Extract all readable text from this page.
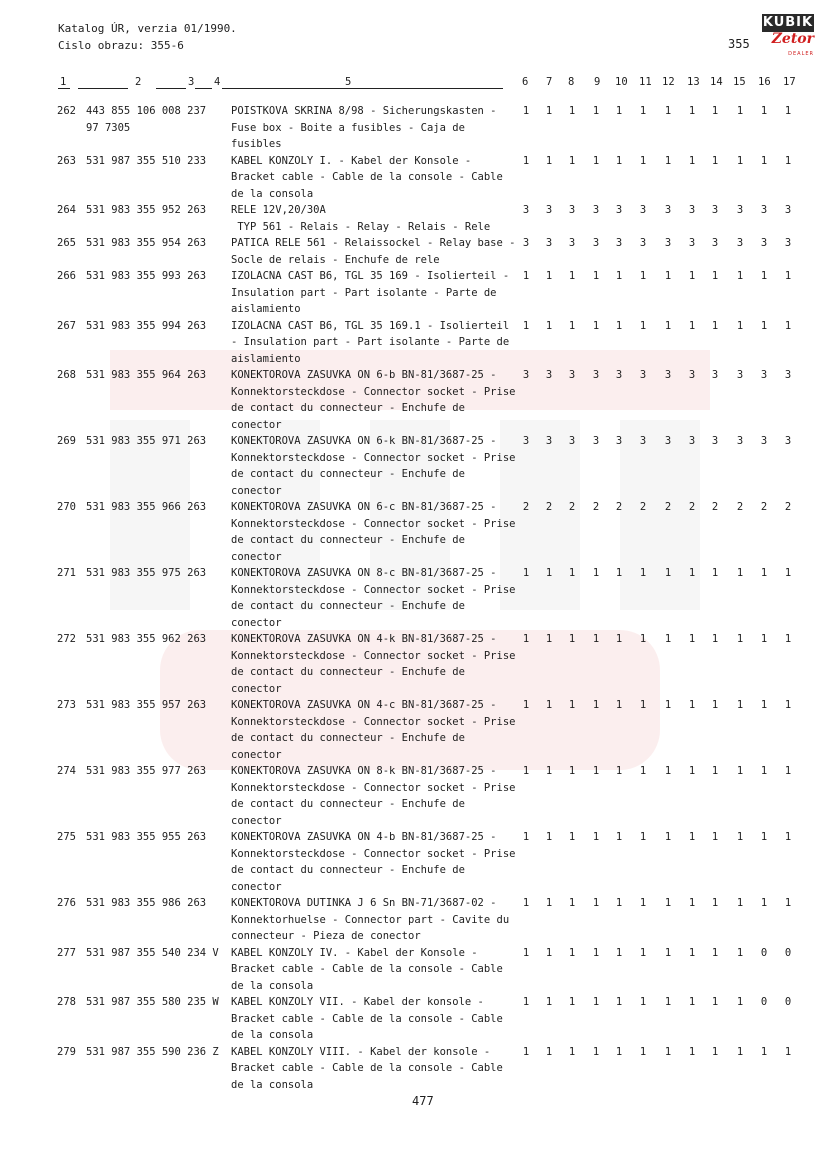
Katalog ÚR, verzia 01/1990.
Cislo obrazu: 355-6	355
KUBIK
Zetor
DEALER
1	2	3 4	5	6 7 8 9 10 11 12 13 14 15 16 17
262 443 855 106 008 237
97 7305
POISTKOVA SKRINA 8/98 - Sicherungskasten -
Fuse box - Boite a fusibles - Caja de
fusibles
1	1	1	1	1	1	1	1	1	1	1	1
263 531 987 355 510 233	KABEL KONZOLY I. - Kabel der Konsole -
Bracket cable - Cable de la console - Cable
de la consola
1	1	1	1	1	1	1	1	1	1	1	1
264 531 983 355 952 263	RELE 12V,20/30A
TYP 561 - Relais - Relay - Relais - Rele
3	3	3	3	3	3	3	3	3	3	3	3
265 531 983 355 954 263	PATICA RELE 561 - Relaissockel - Relay base -
Socle de relais - Enchufe de rele
3	3	3	3	3	3	3	3	3	3	3	3
266 531 983 355 993 263	IZOLACNA CAST B6, TGL 35 169 - Isolierteil -
Insulation part - Part isolante - Parte de
aislamiento
1	1	1	1	1	1	1	1	1	1	1	1
267 531 983 355 994 263	IZOLACNA CAST B6, TGL 35 169.1 - Isolierteil
- Insulation part - Part isolante - Parte de
aislamiento
1	1	1	1	1	1	1	1	1	1	1	1
268 531 983 355 964 263	KONEKTOROVA ZASUVKA ON 6-b BN-81/3687-25 -
Konnektorsteckdose - Connector socket - Prise
de contact du connecteur - Enchufe de
conector
3	3	3	3	3	3	3	3	3	3	3	3
269 531 983 355 971 263	KONEKTOROVA ZASUVKA ON 6-k BN-81/3687-25 -
Konnektorsteckdose - Connector socket - Prise
de contact du connecteur - Enchufe de
conector
3	3	3	3	3	3	3	3	3	3	3	3
270 531 983 355 966 263	KONEKTOROVA ZASUVKA ON 6-c BN-81/3687-25 -
Konnektorsteckdose - Connector socket - Prise
de contact du connecteur - Enchufe de
conector
2	2	2	2	2	2	2	2	2	2	2	2
271 531 983 355 975 263	KONEKTOROVA ZASUVKA ON 8-c BN-81/3687-25 -
Konnektorsteckdose - Connector socket - Prise
de contact du connecteur - Enchufe de
conector
1	1	1	1	1	1	1	1	1	1	1	1
272 531 983 355 962 263	KONEKTOROVA ZASUVKA ON 4-k BN-81/3687-25 -
Konnektorsteckdose - Connector socket - Prise
de contact du connecteur - Enchufe de
conector
1	1	1	1	1	1	1	1	1	1	1	1
273 531 983 355 957 263	KONEKTOROVA ZASUVKA ON 4-c BN-81/3687-25 -
Konnektorsteckdose - Connector socket - Prise
de contact du connecteur - Enchufe de
conector
1	1	1	1	1	1	1	1	1	1	1	1
274 531 983 355 977 263	KONEKTOROVA ZASUVKA ON 8-k BN-81/3687-25 -
Konnektorsteckdose - Connector socket - Prise
de contact du connecteur - Enchufe de
conector
1	1	1	1	1	1	1	1	1	1	1	1
275 531 983 355 955 263	KONEKTOROVA ZASUVKA ON 4-b BN-81/3687-25 -
Konnektorsteckdose - Connector socket - Prise
de contact du connecteur - Enchufe de
conector
1	1	1	1	1	1	1	1	1	1	1	1
276 531 983 355 986 263	KONEKTOROVA DUTINKA J 6 Sn BN-71/3687-02 -
Konnektorhuelse - Connector part - Cavite du
connecteur - Pieza de conector
1	1	1	1	1	1	1	1	1	1	1	1
277 531 987 355 540 234 V	KABEL KONZOLY IV. - Kabel der Konsole -
Bracket cable - Cable de la console - Cable
de la consola
1	1	1	1	1	1	1	1	1	1	0	0
278 531 987 355 580 235 W	KABEL KONZOLY VII. - Kabel der konsole -
Bracket cable - Cable de la console - Cable
de la consola
1	1	1	1	1	1	1	1	1	1	0	0
279 531 987 355 590 236 Z	KABEL KONZOLY VIII. - Kabel der konsole -
Bracket cable - Cable de la console - Cable
de la consola
1	1	1	1	1	1	1	1	1	1	1	1
477
